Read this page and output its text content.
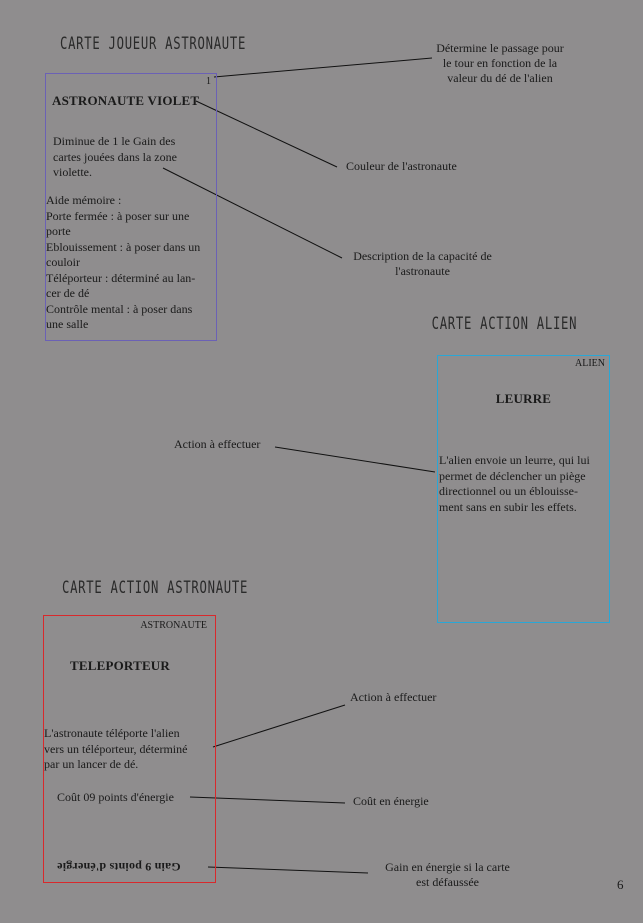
CARTE JOUEUR ASTRONAUTE
CARTE ACTION ALIEN
CARTE ACTION ASTRONAUTE
1
ASTRONAUTE VIOLET
Diminue de 1 le Gain des
cartes jouées dans la zone
violette.
Aide mémoire :
Porte fermée : à poser sur une
porte
Eblouissement : à poser dans un
couloir
Téléporteur : déterminé au lan-
cer de dé
Contrôle mental : à poser dans
une salle
ALIEN
LEURRE
L'alien envoie un leurre, qui lui
permet de déclencher un piège
directionnel ou un éblouisse-
ment sans en subir les effets.
ASTRONAUTE
TELEPORTEUR
L'astronaute téléporte l'alien
vers un téléporteur, déterminé
par un lancer de dé.
Coût 09 points d'énergie
Gain 9 points d'énergie
Détermine le passage pour
le tour en fonction de la
valeur du dé de l'alien
Couleur de l'astronaute
Description de la capacité de
l'astronaute
Action à effectuer
Action à effectuer
Coût en énergie
Gain en énergie si la carte
est défaussée	6
